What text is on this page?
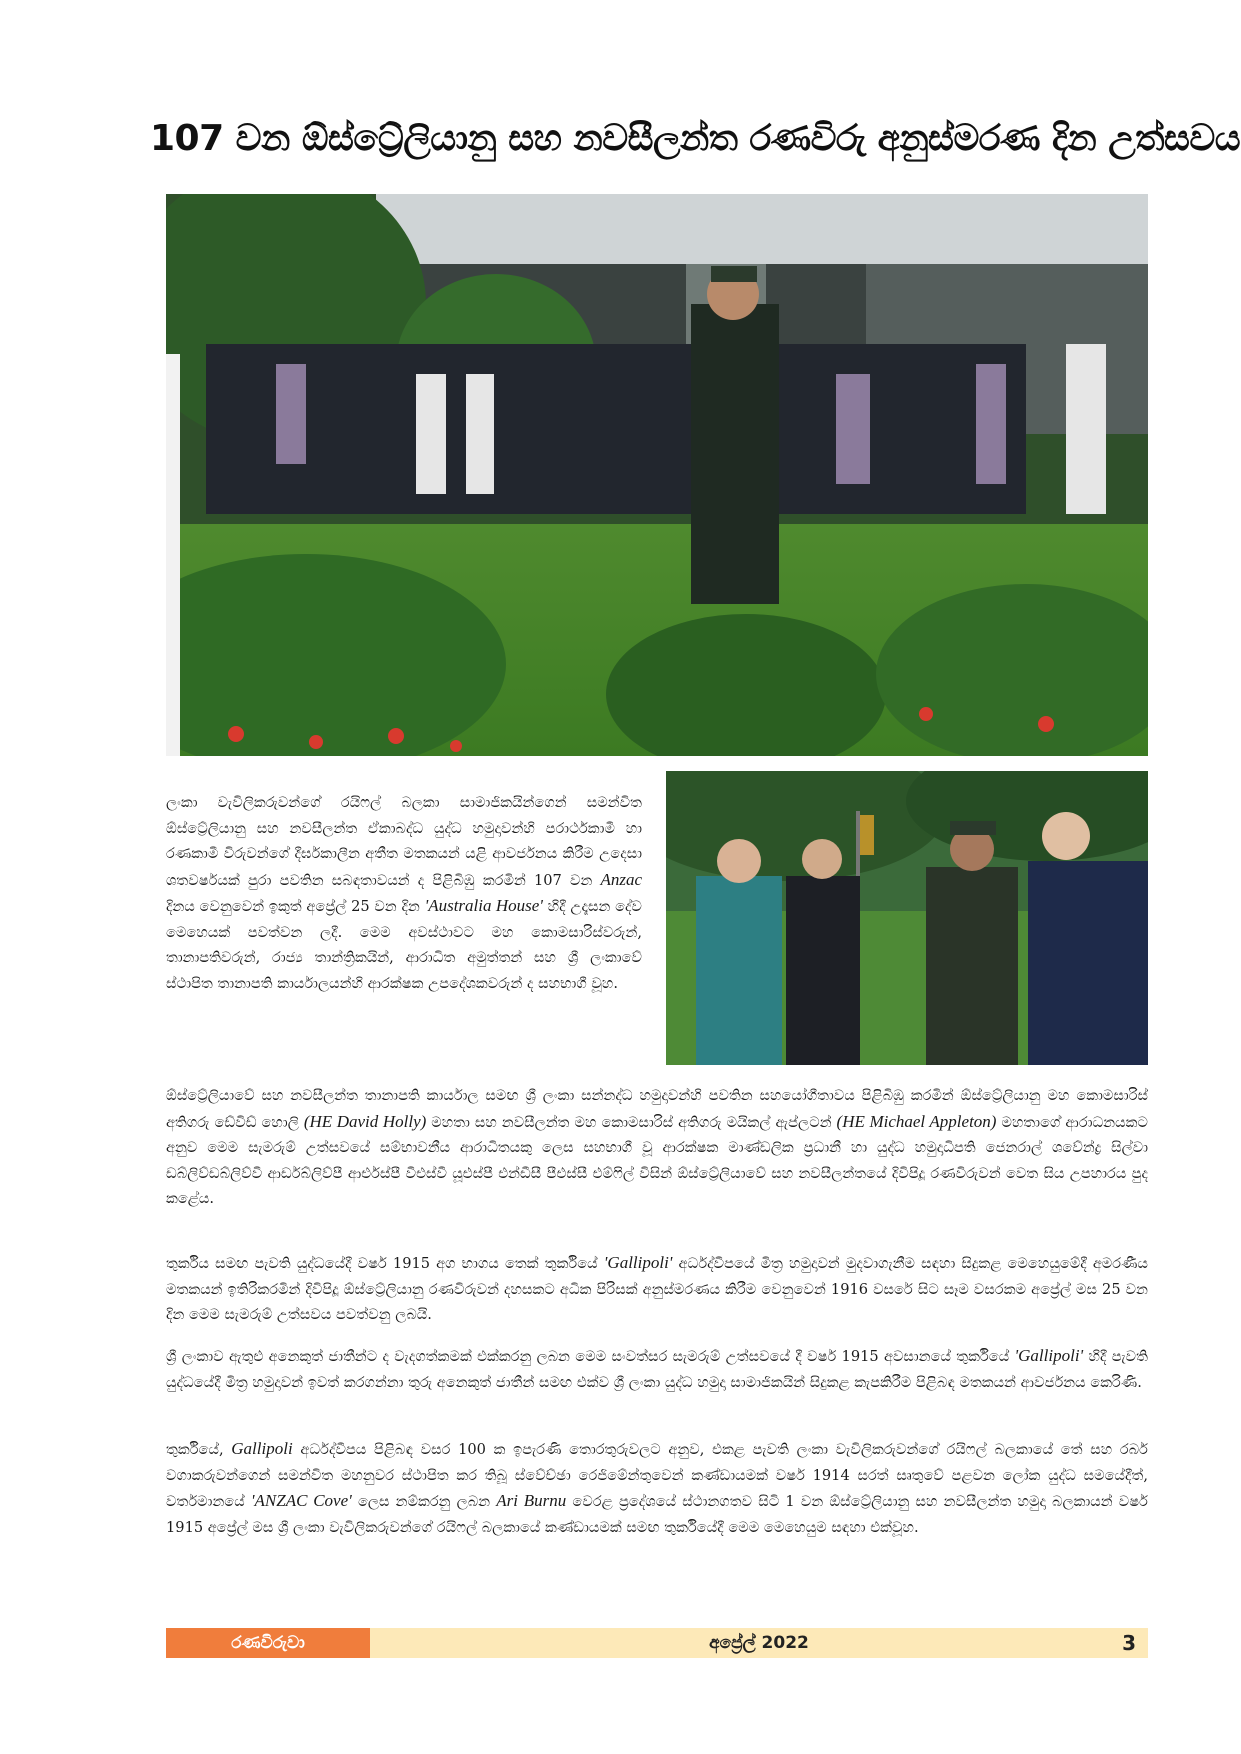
107 වන ඕස්ට්‍රේලියානු සහ නවසීලන්ත රණවිරු අනුස්මරණ දින උත්සවය

ලංකා වැවිලිකරුවන්ගේ රයිෆල් බලකා සාමාජිකයින්ගෙන් සමන්විත ඕස්ට්‍රේලියානු සහ නවසීලන්ත ඒකාබද්ධ යුද්ධ හමුදාවන්හි පරාර්ථකාමී හා රණකාමී විරුවන්ගේ දීර්ඝකාලීන අතීත මතකයන් යළි ආවර්ජනය කිරීම උදෙසා ශතවර්ෂයක් පුරා පවතින සබඳතාවයන් ද පිළිබිඹු කරමින් 107 වන Anzac දිනය වෙනුවෙන් ඉකුත් අප්‍රේල් 25 වන දින 'Australia House' හිදී උදෑසන දේව මෙහෙයක් පවත්වන ලදී. මෙම අවස්ථාවට මහ කොමසාරිස්වරුන්, තානාපතිවරුන්, රාජ්‍ය තාන්ත්‍රිකයින්, ආරාධිත අමුත්තන් සහ ශ්‍රී ලංකාවේ ස්ථාපිත තානාපති කාර්යාලයන්හි ආරක්ෂක උපදේශකවරුන් ද සහභාගී වූහ.

ඕස්ට්‍රේලියාවේ සහ නවසීලන්ත තානාපති කාර්යාල සමඟ ශ්‍රී ලංකා සන්නද්ධ හමුදාවන්හි පවතින සහයෝගීතාවය පිළිබිඹු කරමින් ඕස්ට්‍රේලියානු මහ කොමසාරිස් අතිගරු ඩේවිඩ් හොලි (HE David Holly) මහතා සහ නවසීලන්ත මහ කොමසාරිස් අතිගරු මයිකල් ඇප්ලටන් (HE Michael Appleton) මහතාගේ ආරාධනයකට අනුව මෙම සැමරුම් උත්සවයේ සම්භාවනීය ආරාධිතයකු ලෙස සහභාගී වූ ආරක්ෂක මාණ්ඩලික ප්‍රධානී හා යුද්ධ හමුදාධිපති ජෙනරාල් ශවේන්ද්‍ර සිල්වා ඩබ්ලිව්ඩබ්ලිව්වී ආර්ඩබ්ලිව්පී ආර්එස්පී වීඑස්වී යූඑස්පී එන්ඩීසී පීඑස්සී එම්ෆිල් විසින් ඕස්ට්‍රේලියාවේ සහ නවසීලන්තයේ දිවිපිදූ රණවිරුවන් වෙත සිය උපහාරය පුද කළේය.

තුර්කිය සමඟ පැවති යුද්ධයේදී වර්ෂ 1915 අග භාගය තෙක් තුර්කියේ 'Gallipoli' අර්ධද්වීපයේ මිත්‍ර හමුදාවන් මුදවාගැනීම සඳහා සිදුකළ මෙහෙයුමේදී අමරණීය මතකයන් ඉතිරිකරමින් දිවිපිදූ ඕස්ට්‍රේලියානු රණවිරුවන් දහසකට අධික පිරිසක් අනුස්මරණය කිරීම වෙනුවෙන් 1916 වසරේ සිට සෑම වසරකම අප්‍රේල් මස 25 වන දින මෙම සැමරුම් උත්සවය පවත්වනු ලබයි.

ශ්‍රී ලංකාව ඇතුළු අනෙකුත් ජාතීන්ට ද වැදගත්කමක් එක්කරනු ලබන මෙම සංවත්සර සැමරුම් උත්සවයේ දී වර්ෂ 1915 අවසානයේ තුර්කියේ 'Gallipoli' හිදී පැවති යුද්ධයේදී මිත්‍ර හමුදාවන් ඉවත් කරගන්නා තුරු අනෙකුත් ජාතීන් සමඟ එක්ව ශ්‍රී ලංකා යුද්ධ හමුදා සාමාජිකයින් සිදුකළ කැපකිරීම පිළිබඳ මතකයන් ආවර්ජනය කෙරිණි.

තුර්කියේ, Gallipoli අර්ධද්වීපය පිළිබඳ වසර 100 ක ඉපැරණි තොරතුරුවලට අනුව, එකළ පැවති ලංකා වැවිලිකරුවන්ගේ රයිෆල් බලකායේ තේ සහ රබර් වගාකරුවන්ගෙන් සමන්විත මහනුවර ස්ථාපිත කර තිබූ ස්වේච්ඡා රෙජිමේන්තුවෙන් කණ්ඩායමක් වර්ෂ 1914 සරත් සෘතුවේ පළවන ලෝක යුද්ධ සමයේදීත්, වර්තමානයේ 'ANZAC Cove' ලෙස නම්කරනු ලබන Ari Burnu වෙරළ ප්‍රදේශයේ ස්ථානගතව සිටි 1 වන ඕස්ට්‍රේලියානු සහ නවසීලන්ත හමුදා බලකායන් වර්ෂ 1915 අප්‍රේල් මස ශ්‍රී ලංකා වැවිලිකරුවන්ගේ රයිෆල් බලකායේ කණ්ඩායමක් සමඟ තුර්කියේදී මෙම මෙහෙයුම සඳහා එක්වූහ.

රණවිරුවා	අප්‍රේල් 2022	3
